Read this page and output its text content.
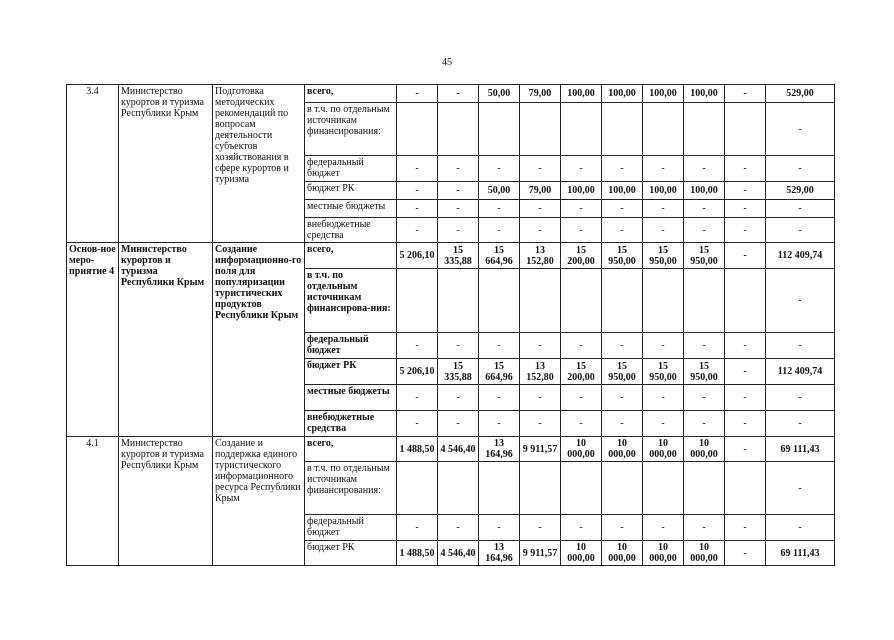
45
3.4	Министерство курортов и туризма Республики Крым	Подготовка методических рекомендаций по вопросам деятельности субъектов хозяйствования в сфере курортов и туризма	всего,	-	-	50,00	79,00	100,00	100,00	100,00	100,00	-	529,00
			в т.ч. по отдельным источникам финансирования:										-
			федеральный бюджет	-	-	-	-	-	-	-	-	-	-
			бюджет РК	-	-	50,00	79,00	100,00	100,00	100,00	100,00	-	529,00
			местные бюджеты	-	-	-	-	-	-	-	-	-	-
			внебюджетные средства	-	-	-	-	-	-	-	-	-	-
Основ-ное меро-приятие 4	Министерство курортов и туризма Республики Крым	Создание информационно-го поля для популяризации туристических продуктов Республики Крым	всего,	5 206,10	15 335,88	15 664,96	13 152,80	15 200,00	15 950,00	15 950,00	15 950,00	-	112 409,74
			в т.ч. по отдельным источникам финансирова-ния:										-
			федеральный бюджет	-	-	-	-	-	-	-	-	-	-
			бюджет РК	5 206,10	15 335,88	15 664,96	13 152,80	15 200,00	15 950,00	15 950,00	15 950,00	-	112 409,74
			местные бюджеты	-	-	-	-	-	-	-	-	-	-
			внебюджетные средства	-	-	-	-	-	-	-	-	-	-
4.1	Министерство курортов и туризма Республики Крым	Создание и поддержка единого туристического информационного ресурса Республики Крым	всего,	1 488,50	4 546,40	13 164,96	9 911,57	10 000,00	10 000,00	10 000,00	10 000,00	-	69 111,43
			в т.ч. по отдельным источникам финансирования:										-
			федеральный бюджет	-	-	-	-	-	-	-	-	-	-
			бюджет РК	1 488,50	4 546,40	13 164,96	9 911,57	10 000,00	10 000,00	10 000,00	10 000,00	-	69 111,43
